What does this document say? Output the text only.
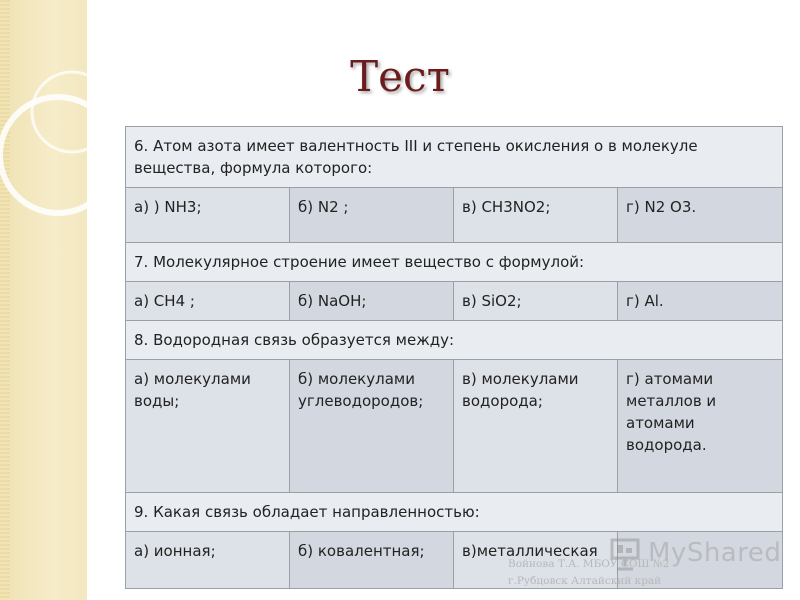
Тест
6. Атом азота имеет валентность III и степень окисления о в молекуле вещества, формула которого:			
а) ) NH3;	б) N2 ;	в) CH3NO2;	г) N2 O3.
7. Молекулярное строение имеет вещество с формулой:			
а) CH4 ;	б) NaOH;	в) SiO2;	г) Al.
8. Водородная связь образуется между:			
а) молекулами воды;	б) молекулами углеводородов;	в) молекулами водорода;	г) атомами металлов и атомами водорода.
9. Какая связь обладает направленностью:			
а) ионная;	б) ковалентная;	в)металлическая	MyShared
Войнова Т.А. МБОУ СОШ №2
г.Рубцовск Алтайский край
